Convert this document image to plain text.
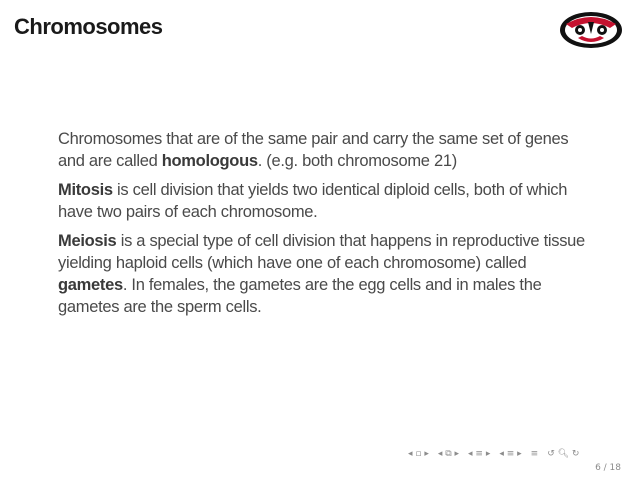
Chromosomes

Chromosomes that are of the same pair and carry the same set of genes and are called homologous. (e.g. both chromosome 21)

Mitosis is cell division that yields two identical diploid cells, both of which have two pairs of each chromosome.

Meiosis is a special type of cell division that happens in reproductive tissue yielding haploid cells (which have one of each chromosome) called gametes. In females, the gametes are the egg cells and in males the gametes are the sperm cells.

◂ ▫ ▸ ◂ ⧉ ▸ ◂ ≡ ▸ ◂ ≡ ▸ ≡ ↺ 🔍︎ ↻
6 / 18
